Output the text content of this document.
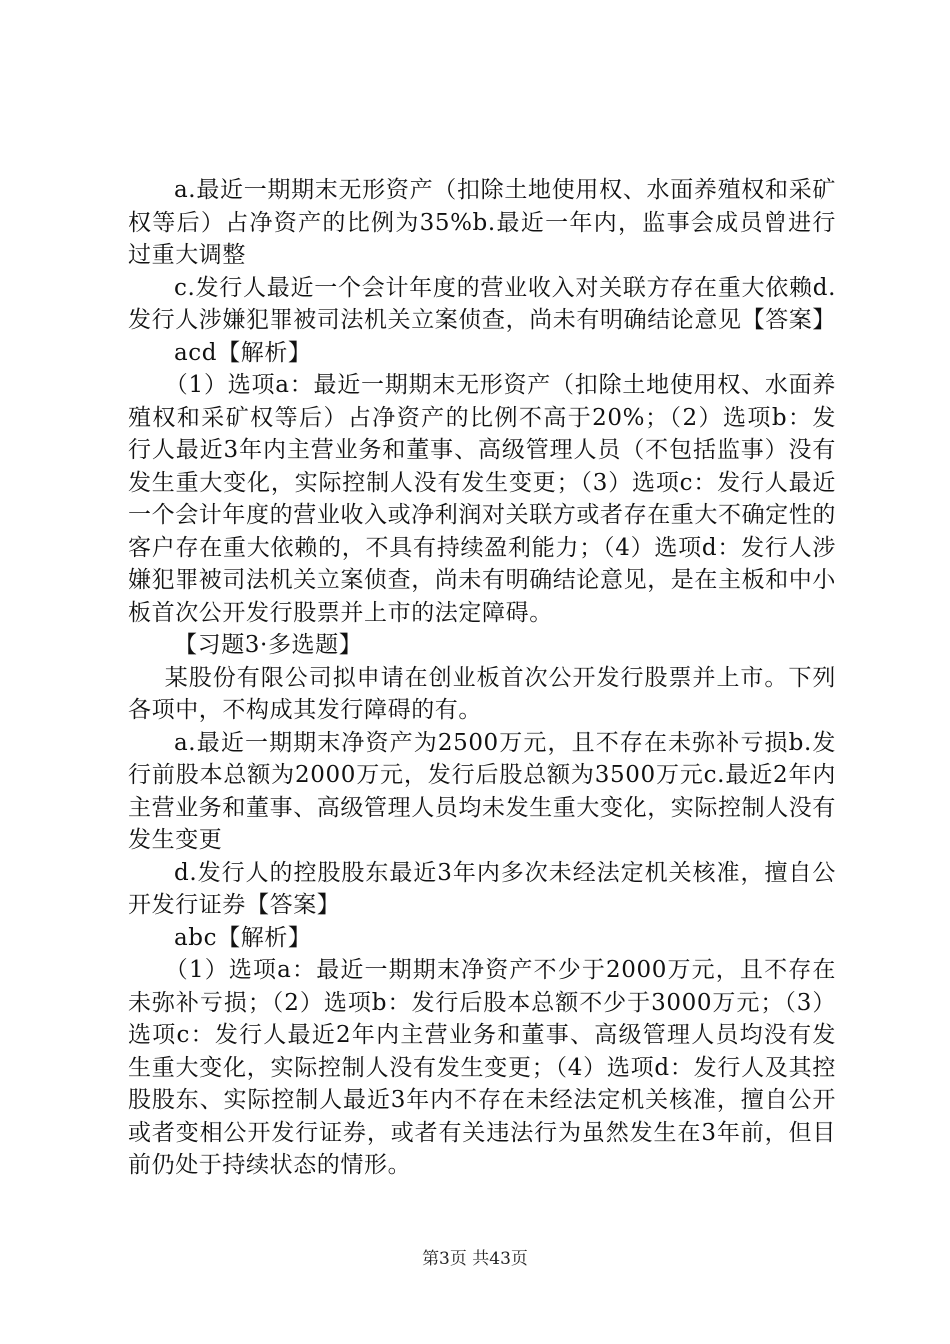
a.最近一期期末无形资产（扣除土地使用权、水面养殖权和采矿权等后）占净资产的比例为35%b.最近一年内，监事会成员曾进行过重大调整

c.发行人最近一个会计年度的营业收入对关联方存在重大依赖d.发行人涉嫌犯罪被司法机关立案侦查，尚未有明确结论意见【答案】

acd【解析】

（1）选项a：最近一期期末无形资产（扣除土地使用权、水面养殖权和采矿权等后）占净资产的比例不高于20%；（2）选项b：发行人最近3年内主营业务和董事、高级管理人员（不包括监事）没有发生重大变化，实际控制人没有发生变更；（3）选项c：发行人最近一个会计年度的营业收入或净利润对关联方或者存在重大不确定性的客户存在重大依赖的，不具有持续盈利能力；（4）选项d：发行人涉嫌犯罪被司法机关立案侦查，尚未有明确结论意见，是在主板和中小板首次公开发行股票并上市的法定障碍。

【习题3·多选题】

某股份有限公司拟申请在创业板首次公开发行股票并上市。下列各项中，不构成其发行障碍的有。

a.最近一期期末净资产为2500万元，且不存在未弥补亏损b.发行前股本总额为2000万元，发行后股总额为3500万元c.最近2年内主营业务和董事、高级管理人员均未发生重大变化，实际控制人没有发生变更

d.发行人的控股股东最近3年内多次未经法定机关核准，擅自公开发行证券【答案】

abc【解析】

（1）选项a：最近一期期末净资产不少于2000万元，且不存在未弥补亏损；（2）选项b：发行后股本总额不少于3000万元；（3）选项c：发行人最近2年内主营业务和董事、高级管理人员均没有发生重大变化，实际控制人没有发生变更；（4）选项d：发行人及其控股股东、实际控制人最近3年内不存在未经法定机关核准，擅自公开或者变相公开发行证券，或者有关违法行为虽然发生在3年前，但目前仍处于持续状态的情形。

第3页 共43页
